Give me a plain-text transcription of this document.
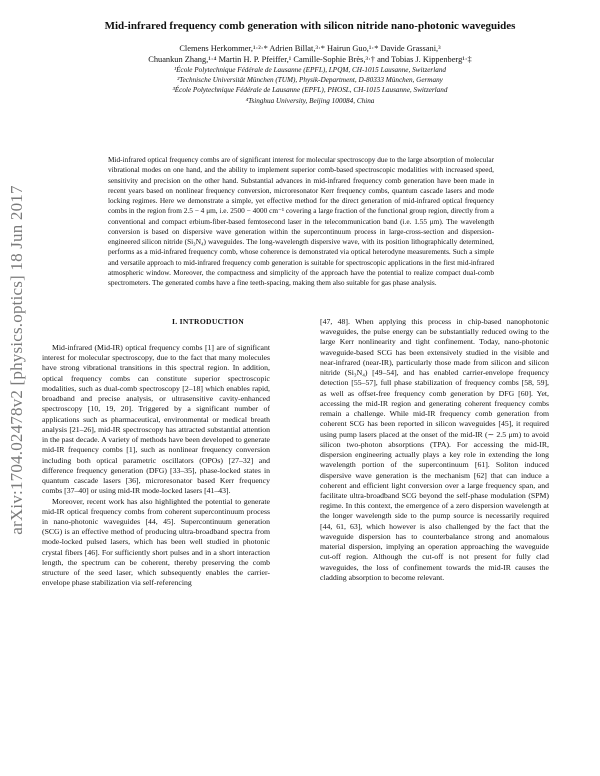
arXiv:1704.02478v2 [physics.optics] 18 Jun 2017
Mid-infrared frequency comb generation with silicon nitride nano-photonic waveguides
Clemens Herkommer,¹·²·* Adrien Billat,³·* Hairun Guo,¹·* Davide Grassani,³
Chuankun Zhang,¹·⁴ Martin H. P. Pfeiffer,¹ Camille-Sophie Brès,³·† and Tobias J. Kippenberg¹·‡
¹École Polytechnique Fédérale de Lausanne (EPFL), LPQM, CH-1015 Lausanne, Switzerland
²Technische Universität München (TUM), Physik-Department, D-80333 München, Germany
³École Polytechnique Fédérale de Lausanne (EPFL), PHOSL, CH-1015 Lausanne, Switzerland
⁴Tsinghua University, Beijing 100084, China
Mid-infrared optical frequency combs are of significant interest for molecular spectroscopy due to the large absorption of molecular vibrational modes on one hand, and the ability to implement superior comb-based spectroscopic modalities with increased speed, sensitivity and precision on the other hand. Substantial advances in mid-infrared frequency comb generation have been made in recent years based on nonlinear frequency conversion, microresonator Kerr frequency combs, quantum cascade lasers and mode locking regimes. Here we demonstrate a simple, yet effective method for the direct generation of mid-infrared optical frequency combs in the region from 2.5 − 4 μm, i.e. 2500 − 4000 cm⁻¹ covering a large fraction of the functional group region, directly from a conventional and compact erbium-fiber-based femtosecond laser in the telecommunication band (i.e. 1.55 μm). The wavelength conversion is based on dispersive wave generation within the supercontinuum process in large-cross-section and dispersion-engineered silicon nitride (Si₃N₄) waveguides. The long-wavelength dispersive wave, with its position lithographically determined, performs as a mid-infrared frequency comb, whose coherence is demonstrated via optical heterodyne measurements. Such a simple and versatile approach to mid-infrared frequency comb generation is suitable for spectroscopic applications in the first mid-infrared atmospheric window. Moreover, the compactness and simplicity of the approach have the potential to realize compact dual-comb spectrometers. The generated combs have a fine teeth-spacing, making them also suitable for gas phase analysis.
I. INTRODUCTION

Mid-infrared (Mid-IR) optical frequency combs [1] are of significant interest for molecular spectroscopy, due to the fact that many molecules have strong vibrational transitions in this spectral region. In addition, optical frequency combs can constitute superior spectroscopic modalities, such as dual-comb spectroscopy [2–18] which enables rapid, broadband and precise analysis, or ultrasensitive cavity-enhanced spectroscopy [10, 19, 20]. Triggered by a significant number of applications such as pharmaceutical, environmental or medical breath analysis [21–26], mid-IR spectroscopy has attracted substantial attention in the past decade. A variety of methods have been developed to generate mid-IR frequency combs [1], such as nonlinear frequency conversion including both optical parametric oscillators (OPOs) [27–32] and difference frequency generation (DFG) [33–35], phase-locked states in quantum cascade lasers [36], microresonator based Kerr frequency combs [37–40] or using mid-IR mode-locked lasers [41–43].

Moreover, recent work has also highlighted the potential to generate mid-IR optical frequency combs from coherent supercontinuum process in nano-photonic waveguides [44, 45]. Supercontinuum generation (SCG) is an effective method of producing ultra-broadband spectra from mode-locked pulsed lasers, which has been well studied in photonic crystal fibers [46]. For sufficiently short pulses and in a short interaction length, the spectrum can be coherent, thereby preserving the comb structure of the seed laser, which subsequently enables the carrier-envelope phase stabilization via self-referencing

[47, 48]. When applying this process in chip-based nanophotonic waveguides, the pulse energy can be substantially reduced owing to the large Kerr nonlinearity and tight confinement. Today, nano-photonic waveguide-based SCG has been extensively studied in the visible and near-infrared (near-IR), particularly those made from silicon and silicon nitride (Si₃N₄) [49–54], and has enabled carrier-envelope frequency detection [55–57], full phase stabilization of frequency combs [58, 59], as well as offset-free frequency comb generation by DFG [60]. Yet, accessing the mid-IR region and generating coherent frequency combs remain a challenge. While mid-IR frequency comb generation from coherent SCG has been reported in silicon waveguides [45], it required using pump lasers placed at the onset of the mid-IR (∼ 2.5 μm) to avoid silicon two-photon absorptions (TPA). For accessing the mid-IR, dispersion engineering actually plays a key role in extending the long wavelength portion of the supercontinuum [61]. Soliton induced dispersive wave generation is the mechanism [62] that can induce a coherent and efficient light conversion over a large frequency span, and facilitate ultra-broadband SCG beyond the self-phase modulation (SPM) regime. In this context, the emergence of a zero dispersion wavelength at the longer wavelength side to the pump source is necessarily required [44, 61, 63], which however is also challenged by the fact that the waveguide dispersion has to counterbalance strong and anomalous material dispersion, implying an operation approaching the waveguide cut-off region. Although the cut-off is not present for fully clad waveguides, the loss of confinement towards the mid-IR causes the cladding absorption to become relevant.
